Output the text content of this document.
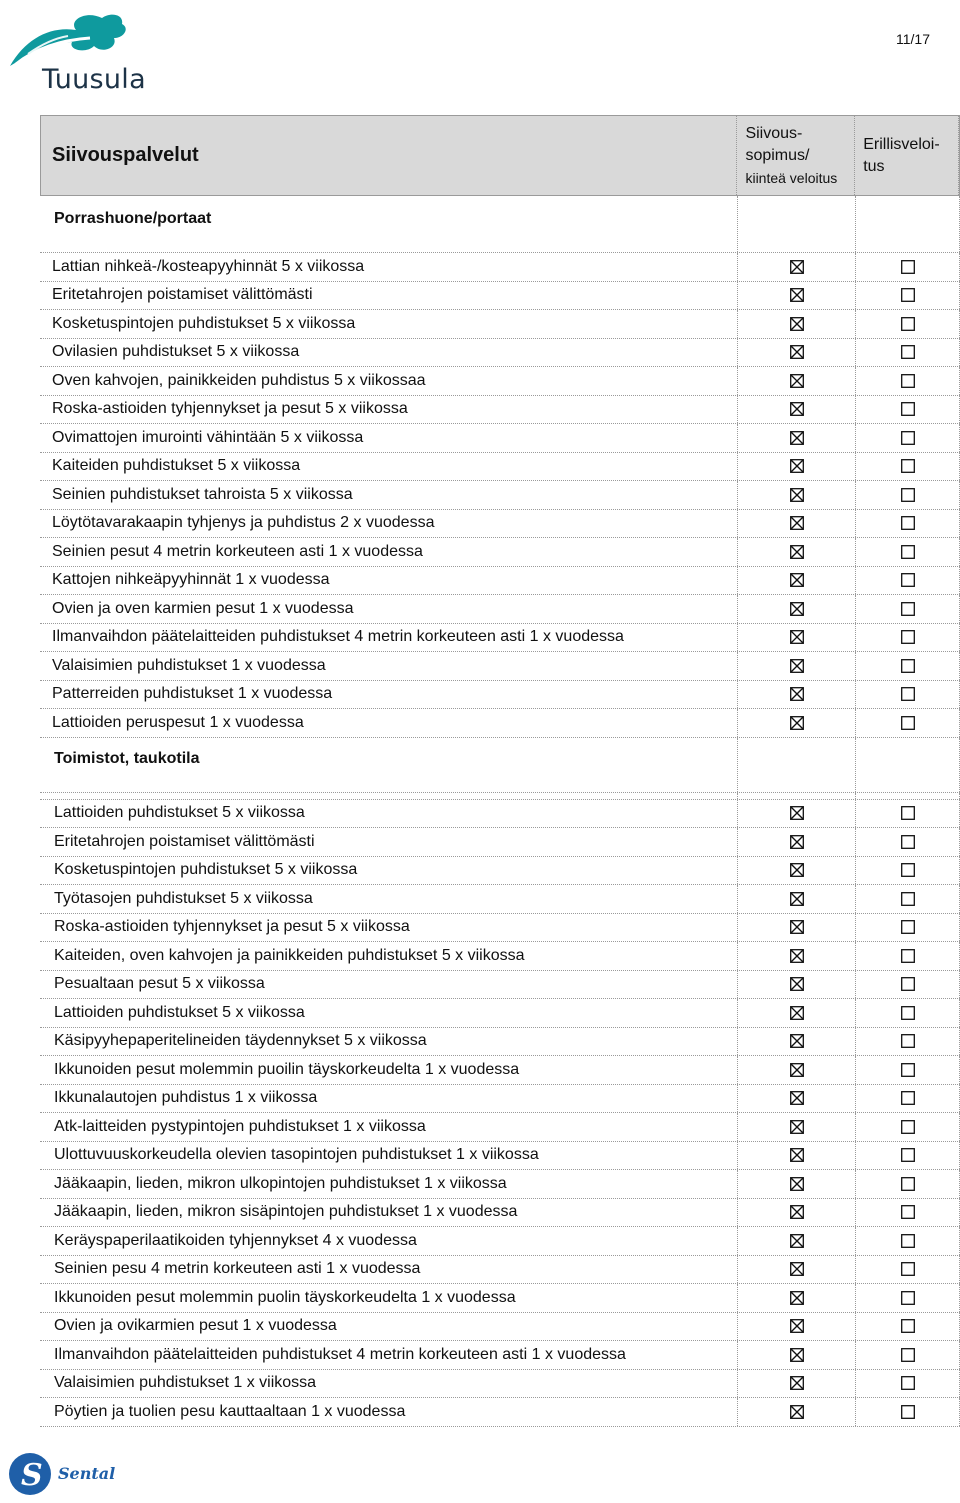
Tuusula
11/17
Siivouspalvelut
Siivous-
sopimus/
kiinteä veloitus
Erillisveloi-
tus
Porrashuone/portaat
Lattian nihkeä-/kosteapyyhinnät 5 x viikossa
Eritetahrojen poistamiset välittömästi
Kosketuspintojen puhdistukset 5 x viikossa
Ovilasien puhdistukset 5 x viikossa
Oven kahvojen, painikkeiden puhdistus 5 x viikossaa
Roska-astioiden tyhjennykset ja pesut 5 x viikossa
Ovimattojen imurointi vähintään 5 x viikossa
Kaiteiden puhdistukset 5 x viikossa
Seinien puhdistukset tahroista 5 x viikossa
Löytötavarakaapin tyhjenys ja puhdistus 2 x vuodessa
Seinien pesut 4 metrin korkeuteen asti 1 x vuodessa
Kattojen nihkeäpyyhinnät 1 x vuodessa
Ovien ja oven karmien pesut 1 x vuodessa
Ilmanvaihdon päätelaitteiden puhdistukset 4 metrin korkeuteen asti 1 x vuodessa
Valaisimien puhdistukset 1 x vuodessa
Patterreiden puhdistukset 1 x vuodessa
Lattioiden peruspesut 1 x vuodessa
Toimistot, taukotila
Lattioiden puhdistukset 5 x viikossa
Eritetahrojen poistamiset välittömästi
Kosketuspintojen puhdistukset 5 x viikossa
Työtasojen puhdistukset 5 x viikossa
Roska-astioiden tyhjennykset ja pesut 5 x viikossa
Kaiteiden, oven kahvojen ja painikkeiden puhdistukset 5 x viikossa
Pesualtaan pesut 5 x viikossa
Lattioiden puhdistukset 5 x viikossa
Käsipyyhepaperitelineiden täydennykset 5 x viikossa
Ikkunoiden pesut molemmin puoilin täyskorkeudelta 1 x vuodessa
Ikkunalautojen puhdistus 1 x viikossa
Atk-laitteiden pystypintojen puhdistukset 1 x viikossa
Ulottuvuuskorkeudella olevien tasopintojen puhdistukset 1 x viikossa
Jääkaapin, lieden, mikron ulkopintojen puhdistukset 1 x viikossa
Jääkaapin, lieden, mikron sisäpintojen puhdistukset 1 x vuodessa
Keräyspaperilaatikoiden tyhjennykset 4 x vuodessa
Seinien pesu 4 metrin korkeuteen asti 1 x vuodessa
Ikkunoiden pesut molemmin puolin täyskorkeudelta 1 x vuodessa
Ovien ja ovikarmien pesut 1 x vuodessa
Ilmanvaihdon päätelaitteiden puhdistukset 4 metrin korkeuteen asti 1 x vuodessa
Valaisimien puhdistukset 1 x viikossa
Pöytien ja tuolien pesu kauttaaltaan 1 x vuodessa
S Sental
